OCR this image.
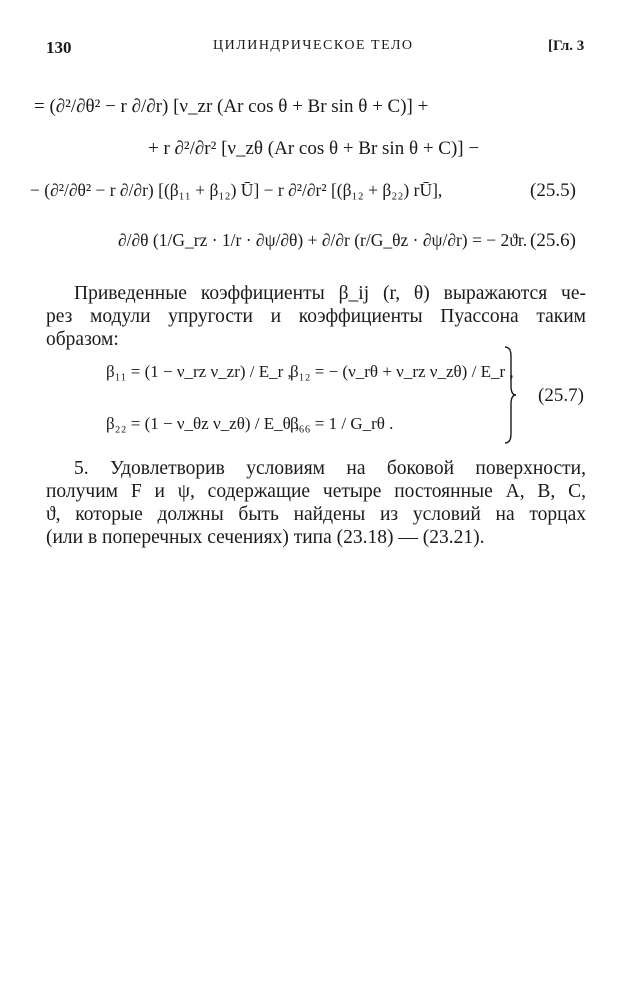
130	ЦИЛИНДРИЧЕСКОЕ ТЕЛО	[Гл. 3
= (∂²/∂θ² − r ∂/∂r) [ν_zr (Ar cos θ + Br sin θ + C)] +
+ r ∂²/∂r² [ν_zθ (Ar cos θ + Br sin θ + C)] −
− (∂²/∂θ² − r ∂/∂r) [(β₁₁ + β₁₂) Ū] − r ∂²/∂r² [(β₁₂ + β₂₂) rŪ],	(25.5)
∂/∂θ (1/G_rz · 1/r · ∂ψ/∂θ) + ∂/∂r (r/G_θz · ∂ψ/∂r) = − 2ϑr. (25.6)
Приведенные коэффициенты β_ij (r, θ) выражаются че-
рез модули упругости и коэффициенты Пуассона таким
образом:
β₁₁ = (1 − ν_rz ν_zr) / E_r ,
β₁₂ = − (ν_rθ + ν_rz ν_zθ) / E_r ,
β₂₂ = (1 − ν_θz ν_zθ) / E_θ ,
β₆₆ = 1 / G_rθ .
(25.7)
5. Удовлетворив условиям на боковой поверхности,
получим F и ψ, содержащие четыре постоянные A, B, C,
ϑ, которые должны быть найдены из условий на торцах
(или в поперечных сечениях) типа (23.18) — (23.21).
